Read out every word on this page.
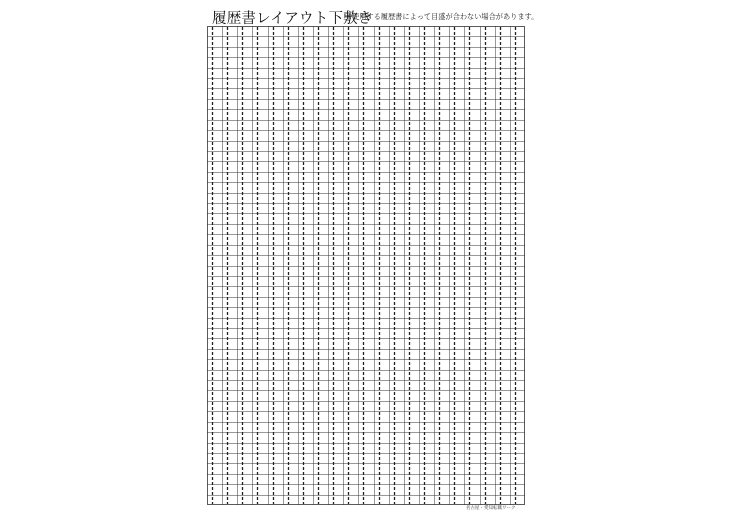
履歴書レイアウト下敷き
※使用する履歴書によって目盛が合わない場合があります。
名古屋・愛知転職ワーク
